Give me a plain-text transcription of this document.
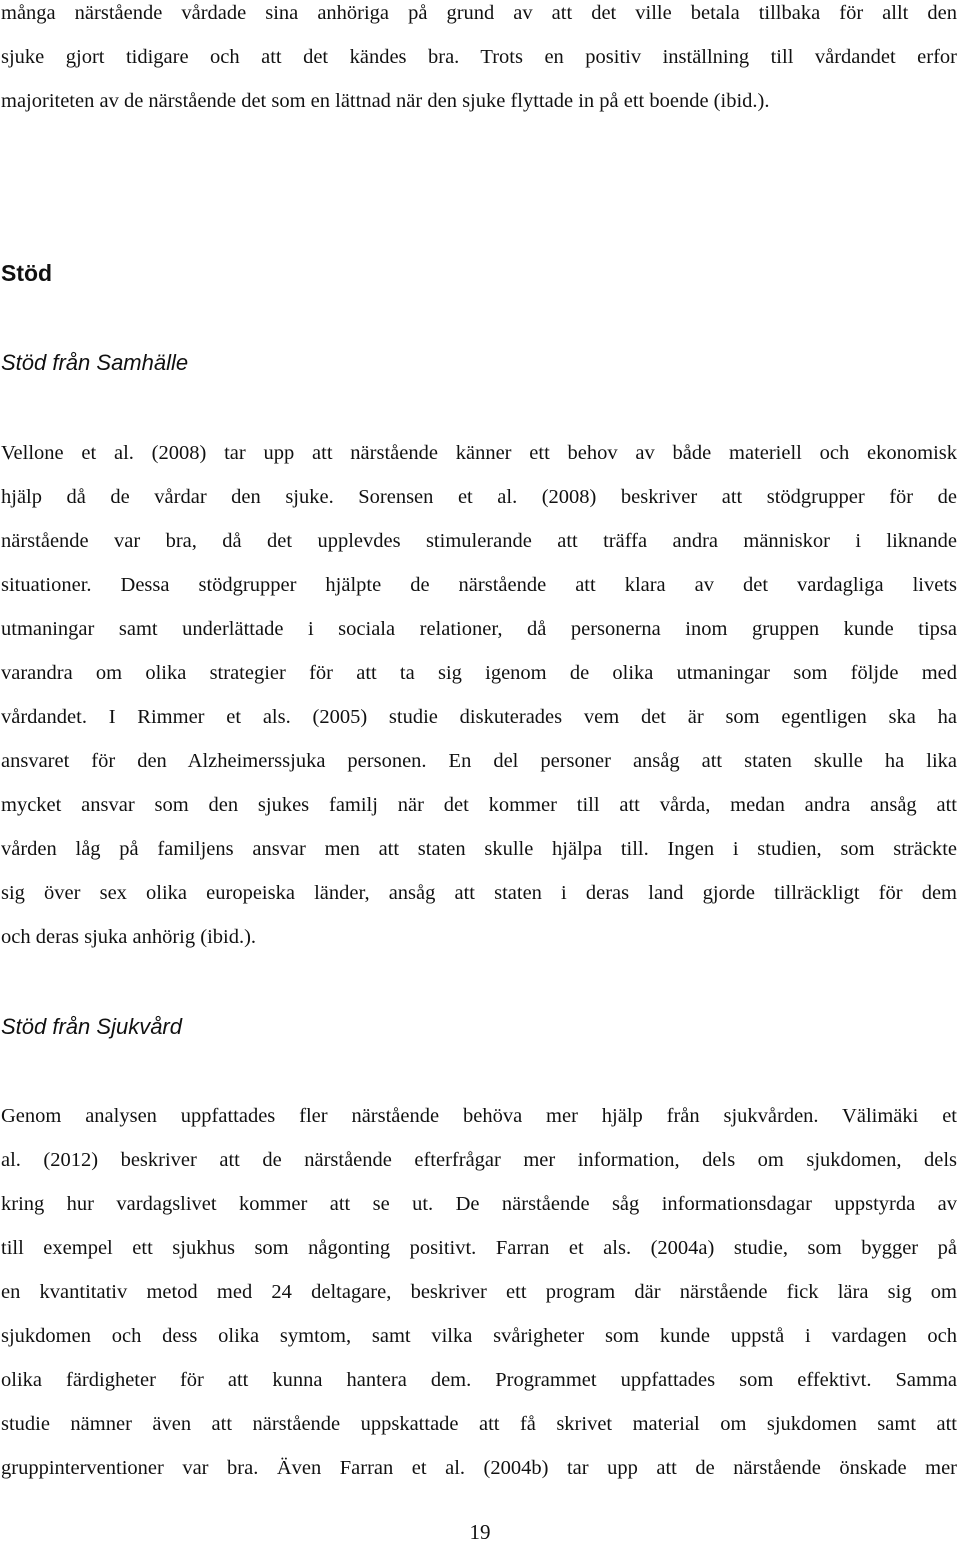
många närstående vårdade sina anhöriga på grund av att det ville betala tillbaka för allt den
sjuke gjort tidigare och att det kändes bra. Trots en positiv inställning till vårdandet erfor
majoriteten av de närstående det som en lättnad när den sjuke flyttade in på ett boende (ibid.).
Stöd
Stöd från Samhälle
Vellone et al. (2008) tar upp att närstående känner ett behov av både materiell och ekonomisk
hjälp då de vårdar den sjuke. Sorensen et al. (2008) beskriver att stödgrupper för de
närstående var bra, då det upplevdes stimulerande att träffa andra människor i liknande
situationer. Dessa stödgrupper hjälpte de närstående att klara av det vardagliga livets
utmaningar samt underlättade i sociala relationer, då personerna inom gruppen kunde tipsa
varandra om olika strategier för att ta sig igenom de olika utmaningar som följde med
vårdandet. I Rimmer et als. (2005) studie diskuterades vem det är som egentligen ska ha
ansvaret för den Alzheimerssjuka personen. En del personer ansåg att staten skulle ha lika
mycket ansvar som den sjukes familj när det kommer till att vårda, medan andra ansåg att
vården låg på familjens ansvar men att staten skulle hjälpa till. Ingen i studien, som sträckte
sig över sex olika europeiska länder, ansåg att staten i deras land gjorde tillräckligt för dem
och deras sjuka anhörig (ibid.).
Stöd från Sjukvård
Genom analysen uppfattades fler närstående behöva mer hjälp från sjukvården. Välimäki et
al. (2012) beskriver att de närstående efterfrågar mer information, dels om sjukdomen, dels
kring hur vardagslivet kommer att se ut. De närstående såg informationsdagar uppstyrda av
till exempel ett sjukhus som någonting positivt. Farran et als. (2004a) studie, som bygger på
en kvantitativ metod med 24 deltagare, beskriver ett program där närstående fick lära sig om
sjukdomen och dess olika symtom, samt vilka svårigheter som kunde uppstå i vardagen och
olika färdigheter för att kunna hantera dem. Programmet uppfattades som effektivt. Samma
studie nämner även att närstående uppskattade att få skrivet material om sjukdomen samt att
gruppinterventioner var bra. Även Farran et al. (2004b) tar upp att de närstående önskade mer
19
